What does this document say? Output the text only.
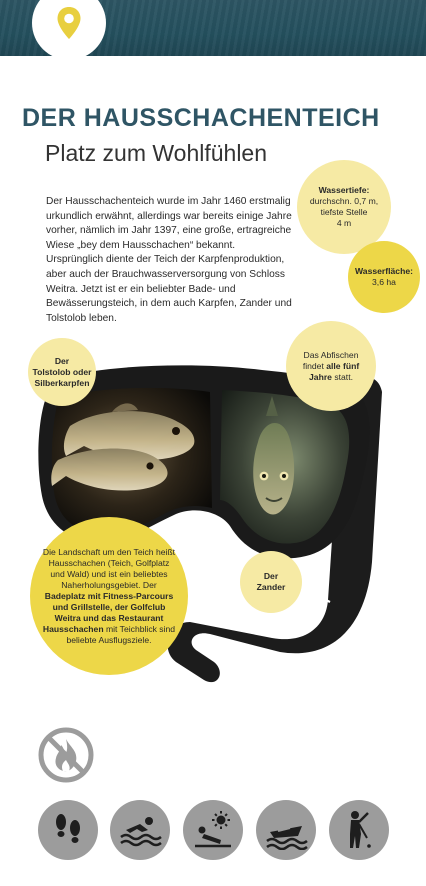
DER HAUSSCHACHENTEICH
Platz zum Wohlfühlen

Der Hausschachenteich wurde im Jahr 1460 erstmalig urkundlich erwähnt, allerdings war bereits einige Jahre vorher, nämlich im Jahr 1397, eine große, ertragreiche Wiese „bey dem Hausschachen“ bekannt. Ursprünglich diente der Teich der Karpfenproduktion, aber auch der Brauchwasserversorgung von Schloss Weitra. Jetzt ist er ein beliebter Bade- und Bewässerungsteich, in dem auch Karpfen, Zander und Tolstolob leben.

Wassertiefe:
durchschn. 0,7 m,
tiefste Stelle
4 m
Wasserfläche:
3,6 ha
Das Abfischen findet alle fünf Jahre statt.
Der
Tolstolob oder
Silberkarpfen
Die Landschaft um den Teich heißt Hausschachen (Teich, Golfplatz und Wald) und ist ein beliebtes Naherholungsgebiet. Der Badeplatz mit Fitness-Parcours und Grillstelle, der Golfclub Weitra und das Restaurant Hausschachen mit Teichblick sind beliebte Ausflugsziele.
Der
Zander
